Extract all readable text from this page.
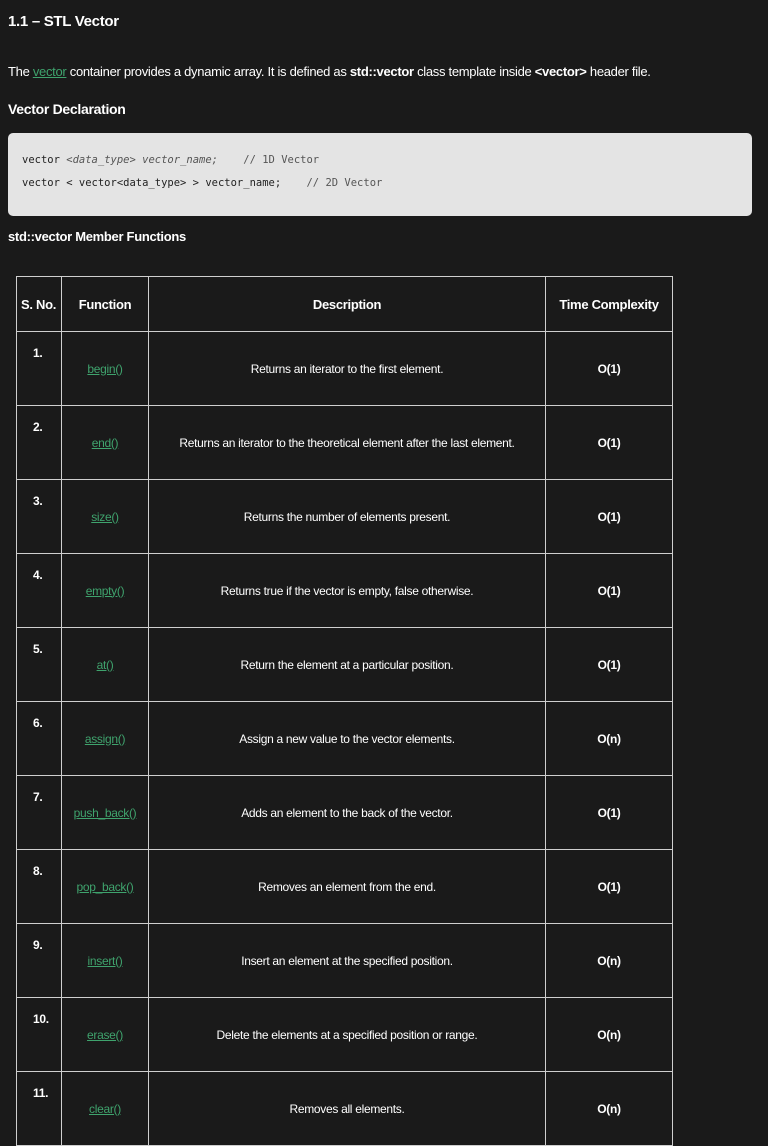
1.1 – STL Vector
The vector container provides a dynamic array. It is defined as std::vector class template inside <vector> header file.
Vector Declaration
vector <data_type> vector_name;    // 1D Vector
vector < vector<data_type> > vector_name;    // 2D Vector
std::vector Member Functions
S. No.	Function	Description	Time Complexity
1.	begin()	Returns an iterator to the first element.	O(1)
2.	end()	Returns an iterator to the theoretical element after the last element.	O(1)
3.	size()	Returns the number of elements present.	O(1)
4.	empty()	Returns true if the vector is empty, false otherwise.	O(1)
5.	at()	Return the element at a particular position.	O(1)
6.	assign()	Assign a new value to the vector elements.	O(n)
7.	push_back()	Adds an element to the back of the vector.	O(1)
8.	pop_back()	Removes an element from the end.	O(1)
9.	insert()	Insert an element at the specified position.	O(n)
10.	erase()	Delete the elements at a specified position or range.	O(n)
11.	clear()	Removes all elements.	O(n)
